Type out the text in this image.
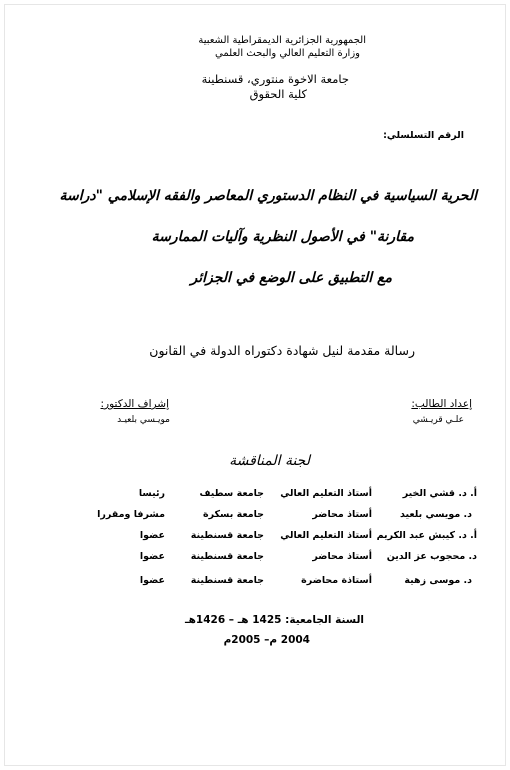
الجمهورية الجزائرية الديمقراطية الشعبية
وزارة التعليم العالي والبحث العلمي
جامعة الاخوة منتوري، قسنطينة
كلية الحقوق
الرقم التسلسلي:
الحرية السياسية في النظام الدستوري المعاصر والفقه الإسلامي "دراسة
مقارنة" في الأصول النظرية وآليات الممارسة
مع التطبيق على الوضع في الجزائر
رسالة مقدمة لنيل شهادة دكتوراه الدولة في القانون
إعداد الطالب:
علـي قريـشي
إشراف الدكتور:
مويـسي بلعيـد
لجنة المناقشة
أ. د. قشي الخير
أستاذ التعليم العالي
جامعة سطيف
رئيسا
د. مويسي بلعيد
أستاذ محاضر
جامعة بسكرة
مشرفا ومقررا
أ. د. كيبش عبد الكريم
أستاذ التعليم العالي
جامعة قسنطينة
عضوا
د. محجوب عز الدين
أستاذ محاضر
جامعة قسنطينة
عضوا
د. موسى زهية
أستاذة محاضرة
جامعة قسنطينة
عضوا
السنة الجامعية: 1425 هـ – 1426هـ
2004 م– 2005م
